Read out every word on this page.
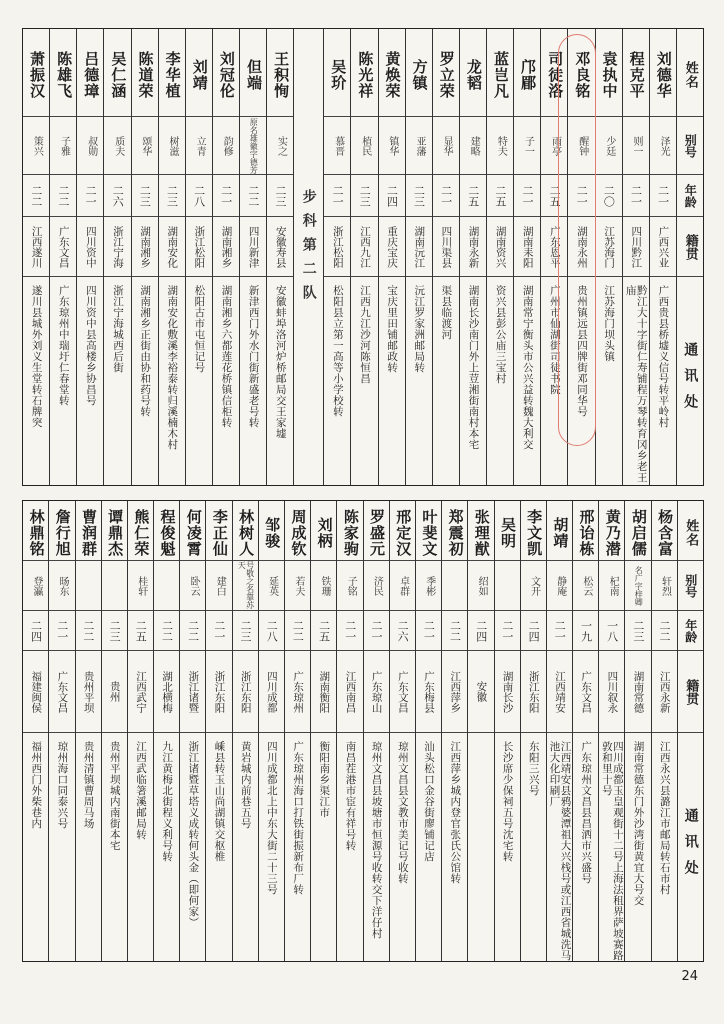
姓名
别号
年龄
籍贯
通讯处
刘德华
泽光
二一
广西兴业
广西贵县桥墟义信号转平岭村
程克平
则一
二一
四川黔江
黔江大十字街仁寿铺程万琴转育冈乡老王庙
袁执中
少廷
二〇
江苏海门
江苏海门坝头镇
邓良铭
醒钟
二一
湖南永州
贵州镇远县四牌街邓同华号
司徒洛
雨亭
二五
广东恩平
广州市仙湖街司徒书院
邝郿
子一
二一
湖南耒阳
湖南常宁衡头市公兴益转魏大利交
蓝岂凡
特夫
二五
湖南资兴
资兴县彭公庙三宝村
龙韬
建略
二五
湖南永新
湖南长沙南门外上荳湘街南村本宅
罗立荣
显华
二一
四川渠县
渠县临渡河
方镇
亚藩
二三
湖南沅江
沅江罗家洲邮局转
黄焕荣
镇华
二四
重庆宝庆
宝庆里田铺邮政转
陈光祥
植民
二三
江西九江
江西九江沙河陈恒昌
吴玠
慕晋
二一
浙江松阳
松阳县立第一高等小学校转
步科第二队
王积恂
实之
二三
安徽寿县
安徽蚌埠洛河炉桥邮局交王家墟
但端
原名雄徽字德芳
二二
四川新津
新津西门外水门街新盛老号转
刘冠伦
韵修
二一
湖南湘乡
湖南湘乡六都莲花桥镇信柜转
刘靖
立青
二八
浙江松阳
松阳古市屯恒记号
李华植
树滋
二三
湖南安化
湖南安化敷溪李裕泰转归溪楠木村
陈道荣
颂华
二三
湖南湘乡
湖南湘乡正街由协和药号转
吴仁涵
质夫
二六
浙江宁海
浙江宁海城西后街
吕德璋
叔勋
二一
四川资中
四川资中县高楼乡协昌号
陈雄飞
子雅
二二
广东文昌
广东琼州中瑞圩仁春堂转
萧振汉
策兴
二二
江西遂川
遂川县城外刘义生堂转石牌突
姓名
别号
年龄
籍贯
通讯处
杨含富
轩烈
二二
江西永新
江西永兴县潞江市邮局转石市村
胡启儒
名广字梓卿
二三
湖南常德
湖南常德东门外沙湾街黄宜大号交
黄乃潜
杞南
一八
四川叙永
四川成都玉皇观街十二号上海法租界萨坡赛路敦和里十号
邢诒栋
松云
一九
广东文昌
广东琼州文昌县昌洒市兴盛号
胡靖
静庵
二一
江西靖安
江西靖安县鸦婆潭祖大兴栈号或江西省城洗马池大化印刷厂
李文凯
文开
二四
浙江东阳
东阳三兴号
吴明
二一
湖南长沙
长沙席少保祠五号沈宅转
张理猷
绍如
二四
安徽
郑震初
二二
江西萍乡
江西萍乡城内登官张氏公馆转
叶斐文
季彬
二一
广东梅县
汕头松口金谷街廖铺记店
邢定汉
卓群
二六
广东文昌
琼州文昌县文教市美记号收转
罗盛元
济民
二一
广东琼山
琼州文昌县坡塘市恒源号收转交下洋仔村
陈家驹
子铭
二一
江西南昌
南昌茬港市宦有祥号转
刘柄
铁珊
二五
湖南衡阳
衡阳南乡渠江市
周成钦
若夫
二二
广东琼州
广东琼州海口打铁街振新布厂转
邹骏
延英
二八
四川成都
四川成都北上中东大街二十三号
林树人
号敬之名靠苏天
二三
浙江东阳
黄岩城内前巷五号
李正仙
建白
二一
浙江东阳
嵊县转玉山尚湖镇交枢椎
何凌霄
卧云
二二
浙江诸暨
浙江诸暨草塔义成转何头金（即何家）
程俊魁
二二
湖北横梅
九江黄梅北街程义利号转
熊仁荣
桂轩
二五
江西武宁
江西武临箸溪邮局转
谭鼎杰
二三
贵州
贵州平坝城内南街本宅
曹润群
二二
贵州平坝
贵州清镇曹周马场
詹行旭
旸东
二一
广东文昌
琼州海口同泰兴号
林鼎铭
登瀛
二四
福建闽侯
福州西门外柴巷内
24
